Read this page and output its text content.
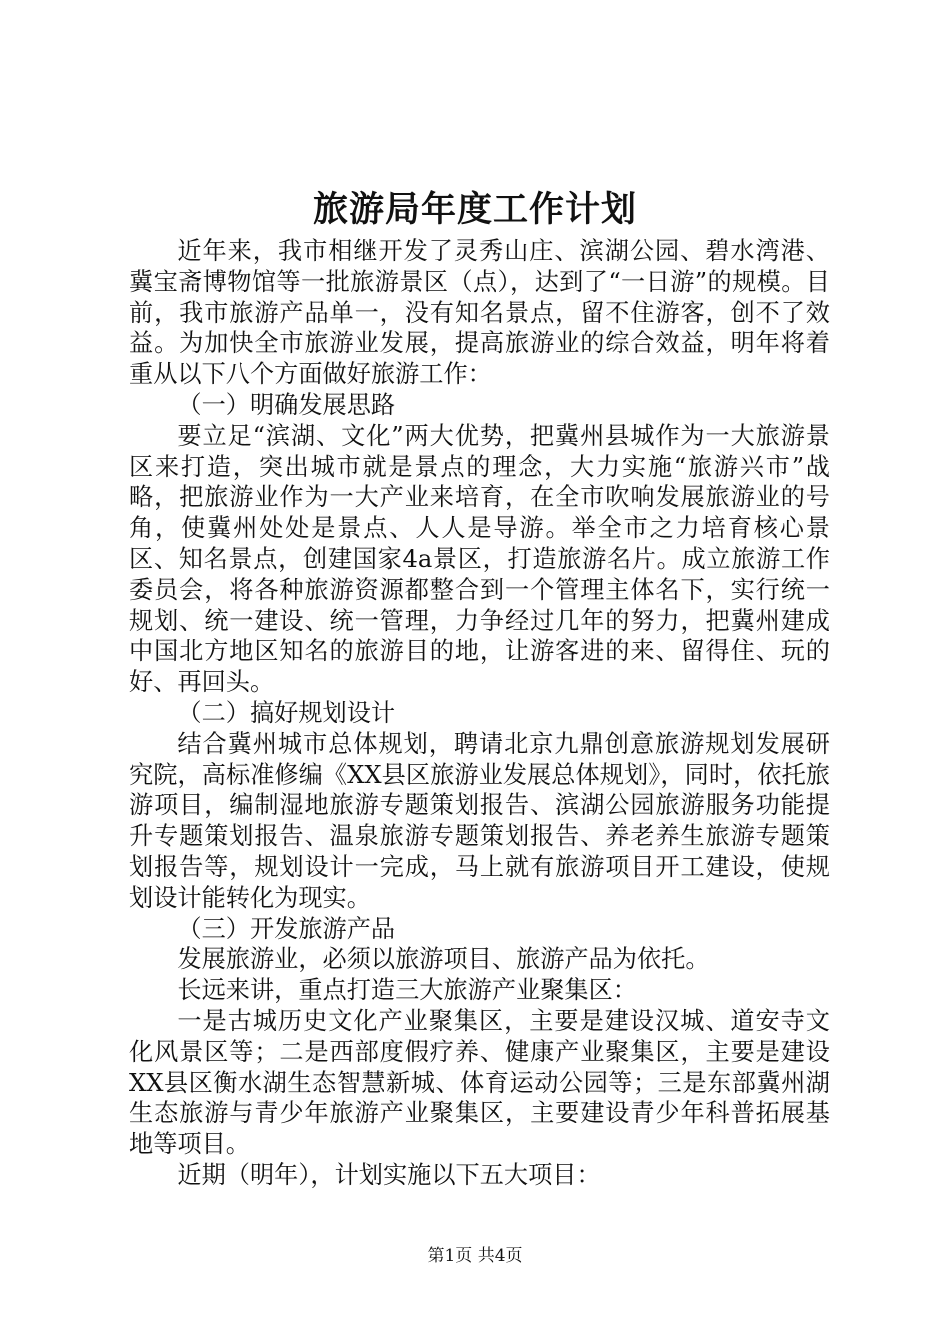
旅游局年度工作计划

近年来，我市相继开发了灵秀山庄、滨湖公园、碧水湾港、冀宝斋博物馆等一批旅游景区（点），达到了“一日游”的规模。目前，我市旅游产品单一，没有知名景点，留不住游客，创不了效益。为加快全市旅游业发展，提高旅游业的综合效益，明年将着重从以下八个方面做好旅游工作：

（一）明确发展思路

要立足“滨湖、文化”两大优势，把冀州县城作为一大旅游景区来打造，突出城市就是景点的理念，大力实施“旅游兴市”战略，把旅游业作为一大产业来培育，在全市吹响发展旅游业的号角，使冀州处处是景点、人人是导游。举全市之力培育核心景区、知名景点，创建国家4a景区，打造旅游名片。成立旅游工作委员会，将各种旅游资源都整合到一个管理主体名下，实行统一规划、统一建设、统一管理，力争经过几年的努力，把冀州建成中国北方地区知名的旅游目的地，让游客进的来、留得住、玩的好、再回头。

（二）搞好规划设计

结合冀州城市总体规划，聘请北京九鼎创意旅游规划发展研究院，高标准修编《XX县区旅游业发展总体规划》，同时，依托旅游项目，编制湿地旅游专题策划报告、滨湖公园旅游服务功能提升专题策划报告、温泉旅游专题策划报告、养老养生旅游专题策划报告等，规划设计一完成，马上就有旅游项目开工建设，使规划设计能转化为现实。

（三）开发旅游产品

发展旅游业，必须以旅游项目、旅游产品为依托。

长远来讲，重点打造三大旅游产业聚集区：

一是古城历史文化产业聚集区，主要是建设汉城、道安寺文化风景区等；二是西部度假疗养、健康产业聚集区，主要是建设XX县区衡水湖生态智慧新城、体育运动公园等；三是东部冀州湖生态旅游与青少年旅游产业聚集区，主要建设青少年科普拓展基地等项目。

近期（明年），计划实施以下五大项目：

第1页 共4页
